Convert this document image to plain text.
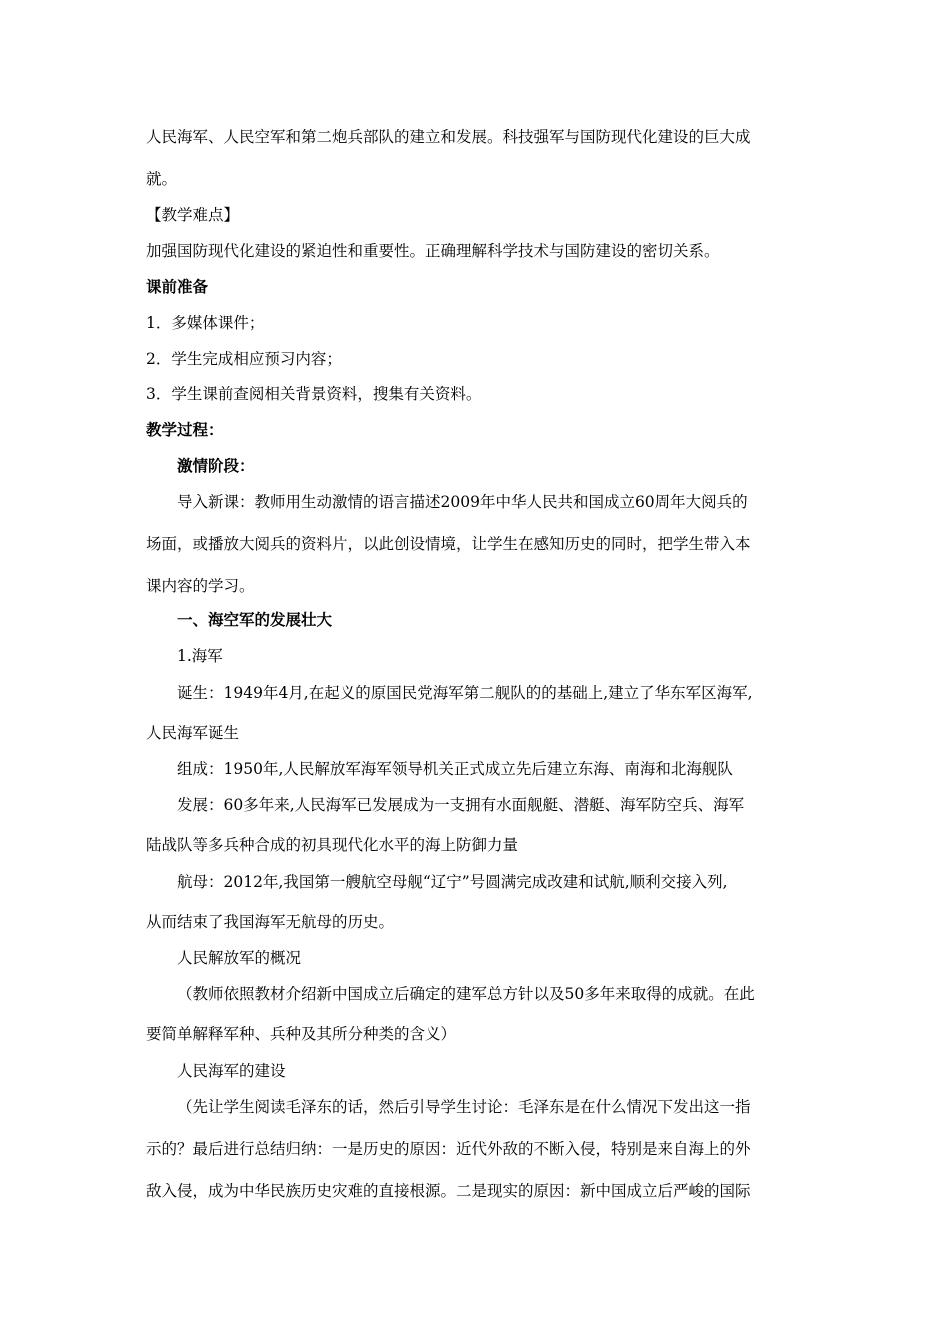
人民海军、人民空军和第二炮兵部队的建立和发展。科技强军与国防现代化建设的巨大成
就。
【教学难点】
加强国防现代化建设的紧迫性和重要性。正确理解科学技术与国防建设的密切关系。
课前准备
1．多媒体课件；
2．学生完成相应预习内容；
3．学生课前查阅相关背景资料，搜集有关资料。
教学过程：
激情阶段：
导入新课：教师用生动激情的语言描述2009年中华人民共和国成立60周年大阅兵的
场面，或播放大阅兵的资料片，以此创设情境，让学生在感知历史的同时，把学生带入本
课内容的学习。
一、海空军的发展壮大
1.海军
诞生：1949年4月,在起义的原国民党海军第二舰队的的基础上,建立了华东军区海军,
人民海军诞生
组成：1950年,人民解放军海军领导机关正式成立先后建立东海、南海和北海舰队
发展：60多年来,人民海军已发展成为一支拥有水面舰艇、潜艇、海军防空兵、海军
陆战队等多兵种合成的初具现代化水平的海上防御力量
航母：2012年,我国第一艘航空母舰“辽宁”号圆满完成改建和试航,顺利交接入列,
从而结束了我国海军无航母的历史。
人民解放军的概况
（教师依照教材介绍新中国成立后确定的建军总方针以及50多年来取得的成就。在此
要简单解释军种、兵种及其所分种类的含义）
人民海军的建设
（先让学生阅读毛泽东的话，然后引导学生讨论：毛泽东是在什么情况下发出这一指
示的？最后进行总结归纳：一是历史的原因：近代外敌的不断入侵，特别是来自海上的外
敌入侵，成为中华民族历史灾难的直接根源。二是现实的原因：新中国成立后严峻的国际
